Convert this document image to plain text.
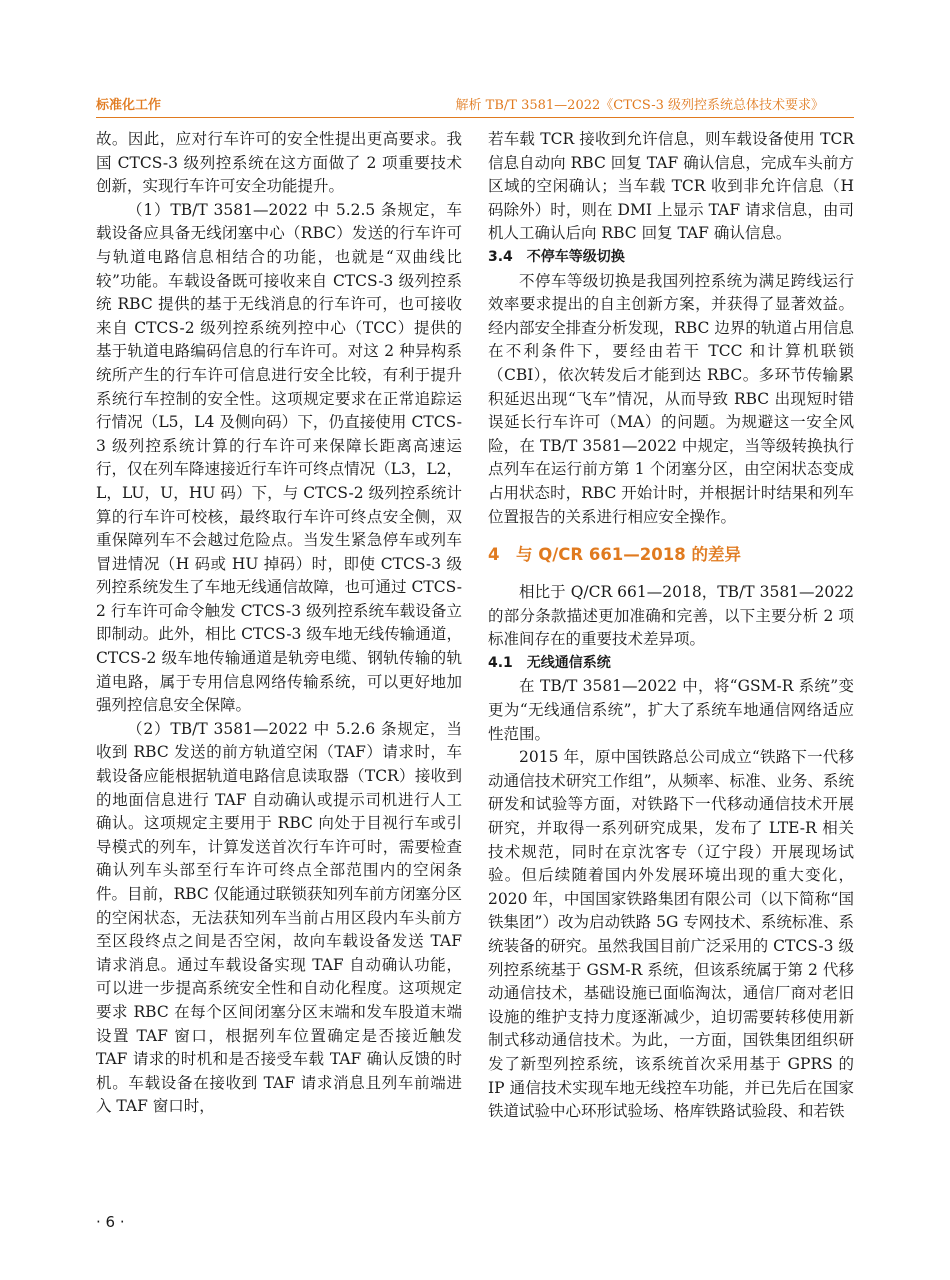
标准化工作	解析 TB/T 3581—2022《CTCS-3 级列控系统总体技术要求》

故。因此，应对行车许可的安全性提出更高要求。我国 CTCS-3 级列控系统在这方面做了 2 项重要技术创新，实现行车许可安全功能提升。

（1）TB/T 3581—2022 中 5.2.5 条规定，车载设备应具备无线闭塞中心（RBC）发送的行车许可与轨道电路信息相结合的功能，也就是“双曲线比较”功能。车载设备既可接收来自 CTCS-3 级列控系统 RBC 提供的基于无线消息的行车许可，也可接收来自 CTCS-2 级列控系统列控中心（TCC）提供的基于轨道电路编码信息的行车许可。对这 2 种异构系统所产生的行车许可信息进行安全比较，有利于提升系统行车控制的安全性。这项规定要求在正常追踪运行情况（L5，L4 及侧向码）下，仍直接使用 CTCS-3 级列控系统计算的行车许可来保障长距离高速运行，仅在列车降速接近行车许可终点情况（L3，L2，L，LU，U，HU 码）下，与 CTCS-2 级列控系统计算的行车许可校核，最终取行车许可终点安全侧，双重保障列车不会越过危险点。当发生紧急停车或列车冒进情况（H 码或 HU 掉码）时，即使 CTCS-3 级列控系统发生了车地无线通信故障，也可通过 CTCS-2 行车许可命令触发 CTCS-3 级列控系统车载设备立即制动。此外，相比 CTCS-3 级车地无线传输通道，CTCS-2 级车地传输通道是轨旁电缆、钢轨传输的轨道电路，属于专用信息网络传输系统，可以更好地加强列控信息安全保障。

（2）TB/T 3581—2022 中 5.2.6 条规定，当收到 RBC 发送的前方轨道空闲（TAF）请求时，车载设备应能根据轨道电路信息读取器（TCR）接收到的地面信息进行 TAF 自动确认或提示司机进行人工确认。这项规定主要用于 RBC 向处于目视行车或引导模式的列车，计算发送首次行车许可时，需要检查确认列车头部至行车许可终点全部范围内的空闲条件。目前，RBC 仅能通过联锁获知列车前方闭塞分区的空闲状态，无法获知列车当前占用区段内车头前方至区段终点之间是否空闲，故向车载设备发送 TAF 请求消息。通过车载设备实现 TAF 自动确认功能，可以进一步提高系统安全性和自动化程度。这项规定要求 RBC 在每个区间闭塞分区末端和发车股道末端设置 TAF 窗口，根据列车位置确定是否接近触发 TAF 请求的时机和是否接受车载 TAF 确认反馈的时机。车载设备在接收到 TAF 请求消息且列车前端进入 TAF 窗口时，

若车载 TCR 接收到允许信息，则车载设备使用 TCR 信息自动向 RBC 回复 TAF 确认信息，完成车头前方区域的空闲确认；当车载 TCR 收到非允许信息（H 码除外）时，则在 DMI 上显示 TAF 请求信息，由司机人工确认后向 RBC 回复 TAF 确认信息。

3.4　不停车等级切换

不停车等级切换是我国列控系统为满足跨线运行效率要求提出的自主创新方案，并获得了显著效益。经内部安全排查分析发现，RBC 边界的轨道占用信息在不利条件下，要经由若干 TCC 和计算机联锁（CBI），依次转发后才能到达 RBC。多环节传输累积延迟出现“飞车”情况，从而导致 RBC 出现短时错误延长行车许可（MA）的问题。为规避这一安全风险，在 TB/T 3581—2022 中规定，当等级转换执行点列车在运行前方第 1 个闭塞分区，由空闲状态变成占用状态时，RBC 开始计时，并根据计时结果和列车位置报告的关系进行相应安全操作。

4　与 Q/CR 661—2018 的差异

相比于 Q/CR 661—2018，TB/T 3581—2022 的部分条款描述更加准确和完善，以下主要分析 2 项标准间存在的重要技术差异项。

4.1　无线通信系统

在 TB/T 3581—2022 中，将“GSM-R 系统”变更为“无线通信系统”，扩大了系统车地通信网络适应性范围。

2015 年，原中国铁路总公司成立“铁路下一代移动通信技术研究工作组”，从频率、标准、业务、系统研发和试验等方面，对铁路下一代移动通信技术开展研究，并取得一系列研究成果，发布了 LTE-R 相关技术规范，同时在京沈客专（辽宁段）开展现场试验。但后续随着国内外发展环境出现的重大变化，2020 年，中国国家铁路集团有限公司（以下简称“国铁集团”）改为启动铁路 5G 专网技术、系统标准、系统装备的研究。虽然我国目前广泛采用的 CTCS-3 级列控系统基于 GSM-R 系统，但该系统属于第 2 代移动通信技术，基础设施已面临淘汰，通信厂商对老旧设施的维护支持力度逐渐减少，迫切需要转移使用新制式移动通信技术。为此，一方面，国铁集团组织研发了新型列控系统，该系统首次采用基于 GPRS 的 IP 通信技术实现车地无线控车功能，并已先后在国家铁道试验中心环形试验场、格库铁路试验段、和若铁

· 6 ·
